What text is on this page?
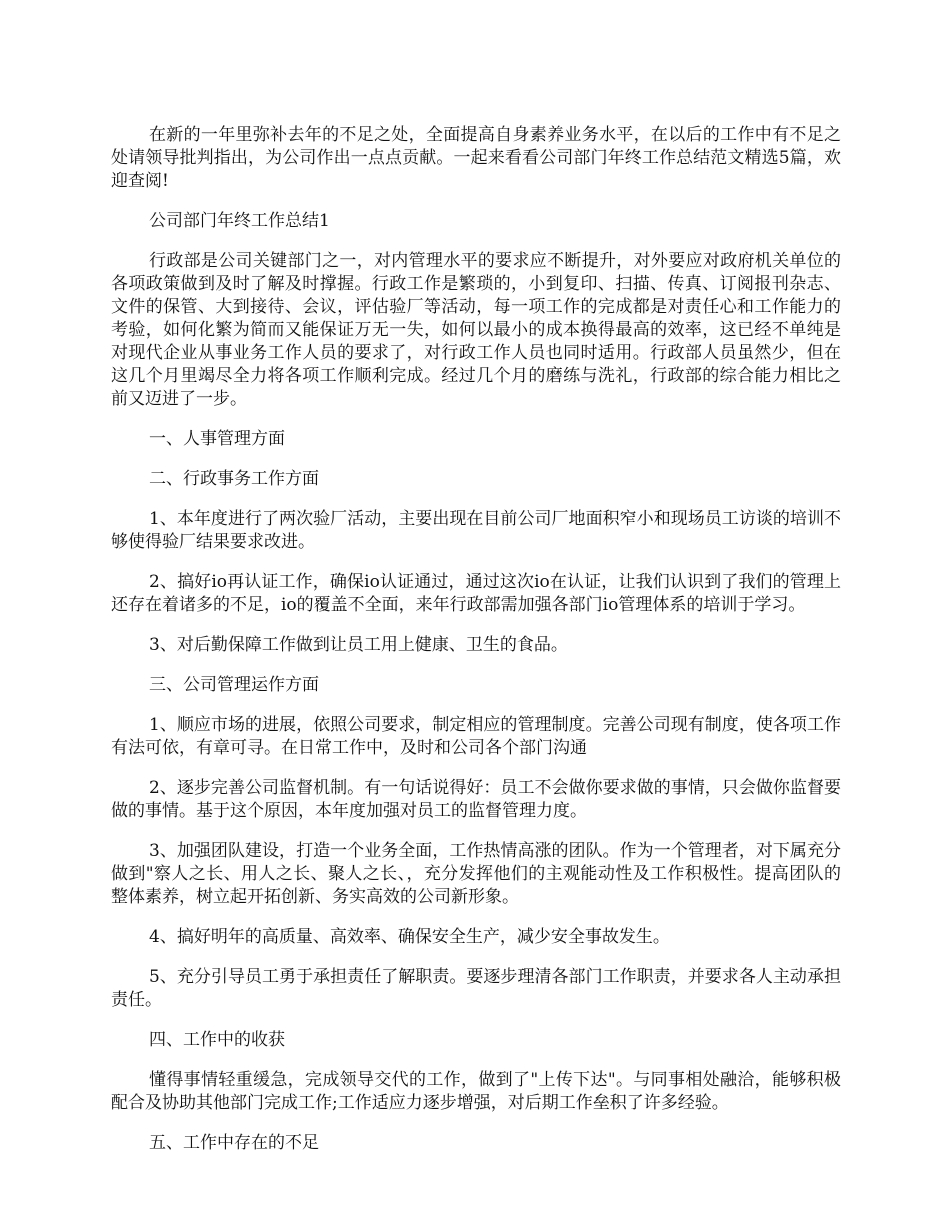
在新的一年里弥补去年的不足之处，全面提高自身素养业务水平，在以后的工作中有不足之处请领导批判指出，为公司作出一点点贡献。一起来看看公司部门年终工作总结范文精选5篇，欢迎查阅!

公司部门年终工作总结1

行政部是公司关键部门之一，对内管理水平的要求应不断提升，对外要应对政府机关单位的各项政策做到及时了解及时撑握。行政工作是繁琐的，小到复印、扫描、传真、订阅报刊杂志、文件的保管、大到接待、会议，评估验厂等活动，每一项工作的完成都是对责任心和工作能力的考验，如何化繁为简而又能保证万无一失，如何以最小的成本换得最高的效率，这已经不单纯是对现代企业从事业务工作人员的要求了，对行政工作人员也同时适用。行政部人员虽然少，但在这几个月里竭尽全力将各项工作顺利完成。经过几个月的磨练与洗礼，行政部的综合能力相比之前又迈进了一步。

一、人事管理方面

二、行政事务工作方面

1、本年度进行了两次验厂活动，主要出现在目前公司厂地面积窄小和现场员工访谈的培训不够使得验厂结果要求改进。

2、搞好io再认证工作，确保io认证通过，通过这次io在认证，让我们认识到了我们的管理上还存在着诸多的不足，io的覆盖不全面，来年行政部需加强各部门io管理体系的培训于学习。

3、对后勤保障工作做到让员工用上健康、卫生的食品。

三、公司管理运作方面

1、顺应市场的进展，依照公司要求，制定相应的管理制度。完善公司现有制度，使各项工作有法可依，有章可寻。在日常工作中，及时和公司各个部门沟通

2、逐步完善公司监督机制。有一句话说得好：员工不会做你要求做的事情，只会做你监督要做的事情。基于这个原因，本年度加强对员工的监督管理力度。

3、加强团队建设，打造一个业务全面，工作热情高涨的团队。作为一个管理者，对下属充分做到"察人之长、用人之长、聚人之长、，充分发挥他们的主观能动性及工作积极性。提高团队的整体素养，树立起开拓创新、务实高效的公司新形象。

4、搞好明年的高质量、高效率、确保安全生产，减少安全事故发生。

5、充分引导员工勇于承担责任了解职责。要逐步理清各部门工作职责，并要求各人主动承担责任。

四、工作中的收获

懂得事情轻重缓急，完成领导交代的工作，做到了"上传下达"。与同事相处融洽，能够积极配合及协助其他部门完成工作;工作适应力逐步增强，对后期工作垒积了许多经验。

五、工作中存在的不足
